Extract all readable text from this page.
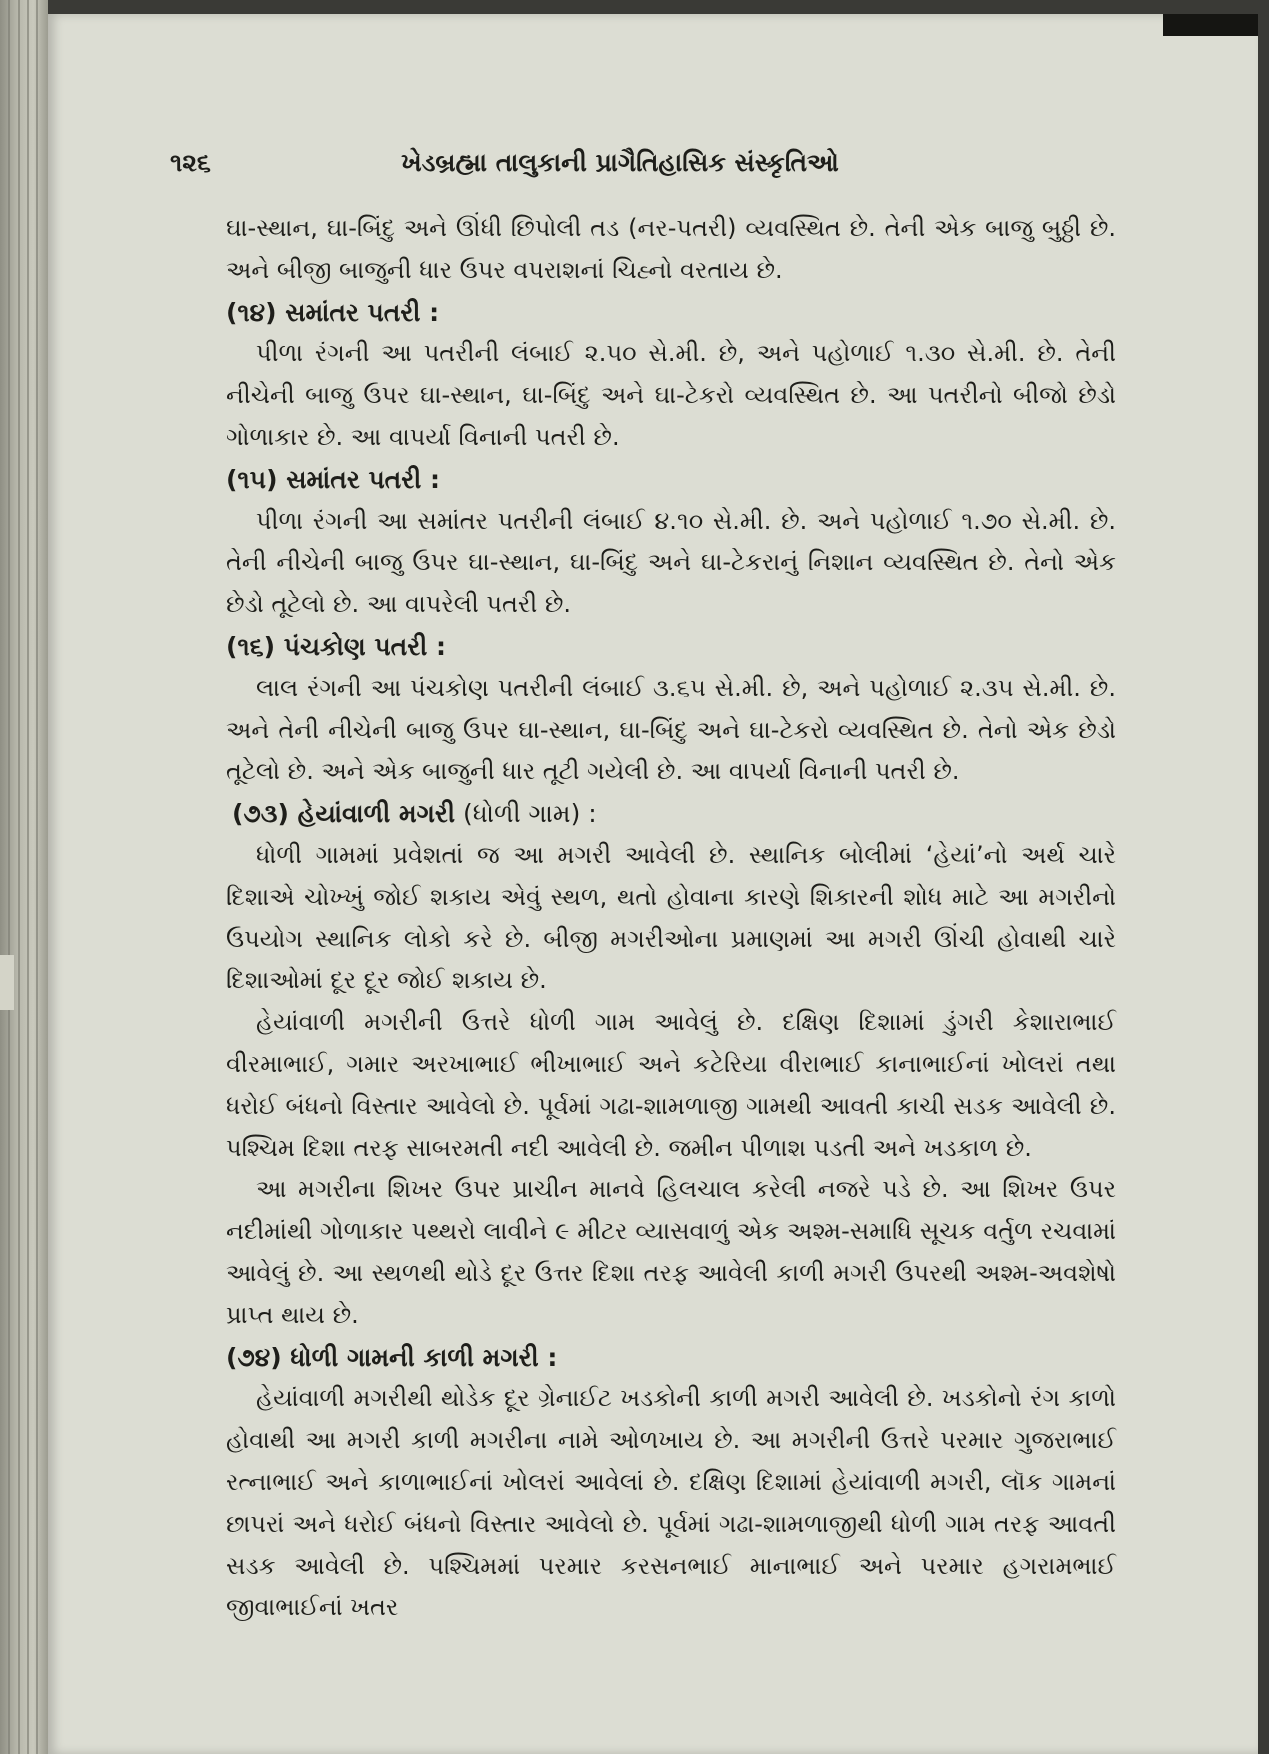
૧૨૬	ખેડબ્રહ્મા તાલુકાની પ્રાગૈતિહાસિક સંસ્કૃતિઓ

ઘા-સ્થાન, ઘા-બિંદુ અને ઊંધી છિપોલી તડ (નર-પતરી) વ્યવસ્થિત છે. તેની એક બાજુ બુઠ્ઠી છે. અને બીજી બાજુની ધાર ઉપર વપરાશનાં ચિહ્નો વરતાય છે.

(૧૪) સમાંતર પતરી :

પીળા રંગની આ પતરીની લંબાઈ ૨.૫૦ સે.મી. છે, અને પહોળાઈ ૧.૩૦ સે.મી. છે. તેની નીચેની બાજુ ઉપર ઘા-સ્થાન, ઘા-બિંદુ અને ઘા-ટેકરો વ્યવસ્થિત છે. આ પતરીનો બીજો છેડો ગોળાકાર છે. આ વાપર્યા વિનાની પતરી છે.

(૧૫) સમાંતર પતરી :

પીળા રંગની આ સમાંતર પતરીની લંબાઈ ૪.૧૦ સે.મી. છે. અને પહોળાઈ ૧.૭૦ સે.મી. છે. તેની નીચેની બાજુ ઉપર ઘા-સ્થાન, ઘા-બિંદુ અને ઘા-ટેકરાનું નિશાન વ્યવસ્થિત છે. તેનો એક છેડો તૂટેલો છે. આ વાપરેલી પતરી છે.

(૧૬) પંચકોણ પતરી :

લાલ રંગની આ પંચકોણ પતરીની લંબાઈ ૩.૬૫ સે.મી. છે, અને પહોળાઈ ૨.૩૫ સે.મી. છે. અને તેની નીચેની બાજુ ઉપર ઘા-સ્થાન, ઘા-બિંદુ અને ઘા-ટેકરો વ્યવસ્થિત છે. તેનો એક છેડો તૂટેલો છે. અને એક બાજુની ધાર તૂટી ગયેલી છે. આ વાપર્યા વિનાની પતરી છે.

(૭૩) હેયાંવાળી મગરી (ધોળી ગામ) :

ધોળી ગામમાં પ્રવેશતાં જ આ મગરી આવેલી છે. સ્થાનિક બોલીમાં ‘હેયાં’નો અર્થ ચારે દિશાએ ચોખ્ખું જોઈ શકાય એવું સ્થળ, થતો હોવાના કારણે શિકારની શોધ માટે આ મગરીનો ઉપયોગ સ્થાનિક લોકો કરે છે. બીજી મગરીઓના પ્રમાણમાં આ મગરી ઊંચી હોવાથી ચારે દિશાઓમાં દૂર દૂર જોઈ શકાય છે.

હેયાંવાળી મગરીની ઉત્તરે ધોળી ગામ આવેલું છે. દક્ષિણ દિશામાં ડુંગરી કેશારાભાઈ વીરમાભાઈ, ગમાર અરખાભાઈ ભીખાભાઈ અને કટેરિયા વીરાભાઈ કાનાભાઈનાં ખોલરાં તથા ધરોઈ બંધનો વિસ્તાર આવેલો છે. પૂર્વમાં ગઢા-શામળાજી ગામથી આવતી કાચી સડક આવેલી છે. પશ્ચિમ દિશા તરફ સાબરમતી નદી આવેલી છે. જમીન પીળાશ પડતી અને ખડકાળ છે.

આ મગરીના શિખર ઉપર પ્રાચીન માનવે હિલચાલ કરેલી નજરે પડે છે. આ શિખર ઉપર નદીમાંથી ગોળાકાર પથ્થરો લાવીને ૯ મીટર વ્યાસવાળું એક અશ્મ-સમાધિ સૂચક વર્તુળ રચવામાં આવેલું છે. આ સ્થળથી થોડે દૂર ઉત્તર દિશા તરફ આવેલી કાળી મગરી ઉપરથી અશ્મ-અવશેષો પ્રાપ્ત થાય છે.

(૭૪) ધોળી ગામની કાળી મગરી :

હેયાંવાળી મગરીથી થોડેક દૂર ગ્રેનાઈટ ખડકોની કાળી મગરી આવેલી છે. ખડકોનો રંગ કાળો હોવાથી આ મગરી કાળી મગરીના નામે ઓળખાય છે. આ મગરીની ઉત્તરે પરમાર ગુજરાભાઈ રત્નાભાઈ અને કાળાભાઈનાં ખોલરાં આવેલાં છે. દક્ષિણ દિશામાં હેયાંવાળી મગરી, લૉક ગામનાં છાપરાં અને ધરોઈ બંધનો વિસ્તાર આવેલો છે. પૂર્વમાં ગઢા-શામળાજીથી ધોળી ગામ તરફ આવતી સડક આવેલી છે. પશ્ચિમમાં પરમાર કરસનભાઈ માનાભાઈ અને પરમાર હગરામભાઈ જીવાભાઈનાં ખતર
